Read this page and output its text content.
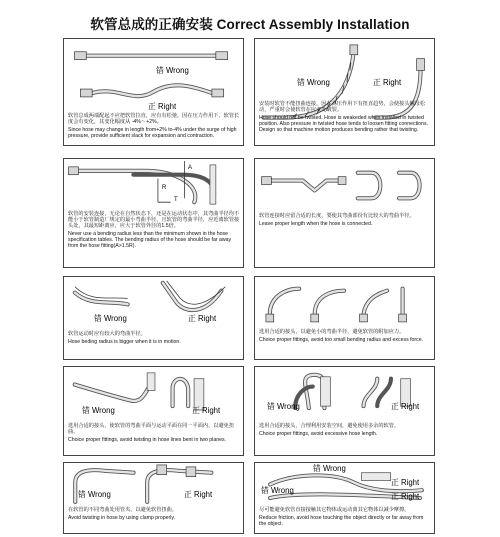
软管总成的正确安装 Correct Assembly Installation
错 Wrong
正 Right

软管总成两端配起不应把软管拉直，应有有松弛。因在压力作用下，软管长度会有变化，其变化幅度从 -4%～+2%。

Since hose may change in length from+2% to-4% under the surge of high pressure, provide sufficient slack for expansion and contraction.

错 Wrong	正 Right

安装时软管不能扭曲连接，因在高压作用下有扭直趋势，会使接头螺母松动，严重时会使软管在应变处破裂。

Hose should not be twisted. Hose is weakeded when installed in twisted position. Also pressure in twisted hose tends to loosen fitting connections. Design so that machine motion produces bending rather that twisting.

A
R
T

软管的安装连接，无论在自然状态下，还是在运动状态中，其弯曲半径均不能小于软管制造厂规定的最小弯曲半径，且软管的弯曲半径，应近离软管接头处，其最短距离应，应大于软管外径的1.5倍。

Never use a bending radius less than the minimum shown in the hose specification tables. The bending radius of the hose should be far away from the hose fitting(A>1.5R).

软管连接时应留合适的长度，要使其弯曲部份有比较大的弯曲半径。

Leave proper length when the hose is connected.

错 Wrong	正 Right

软管运动时应有较大的弯曲半径。

Hose beding radius is bigger when it is in motion.

选用合适的接头，以避免小的弯曲半径，避免软管的附加应力。

Choice proper fittings, avoid too small bending radius and excess force.

错 Wrong	正 Right

选用合适的接头，使软管的弯曲平面与运动平面在同一平面内，以避免扭曲。

Choice proper fittings, avoid twisting in hose lines bent in two planes.

错 Wrong	正 Right

选用合适的接头，合理利用安装空间，避免使用多余的软管。

Choice proper fittings, avoid excessive hose length.

错 Wrong	正 Right

在软管的不同弯曲处用管夹，以避免软管扭曲。

Avoid twisting in hose by using clamp properly.

错 Wrong
错 Wrong
正 Right
正 Right

尽可能避免软管直接接触其它物体或运动离其它物体以减少摩擦。

Reduce friction, avoid hose touching the object directly or far away from the object.
